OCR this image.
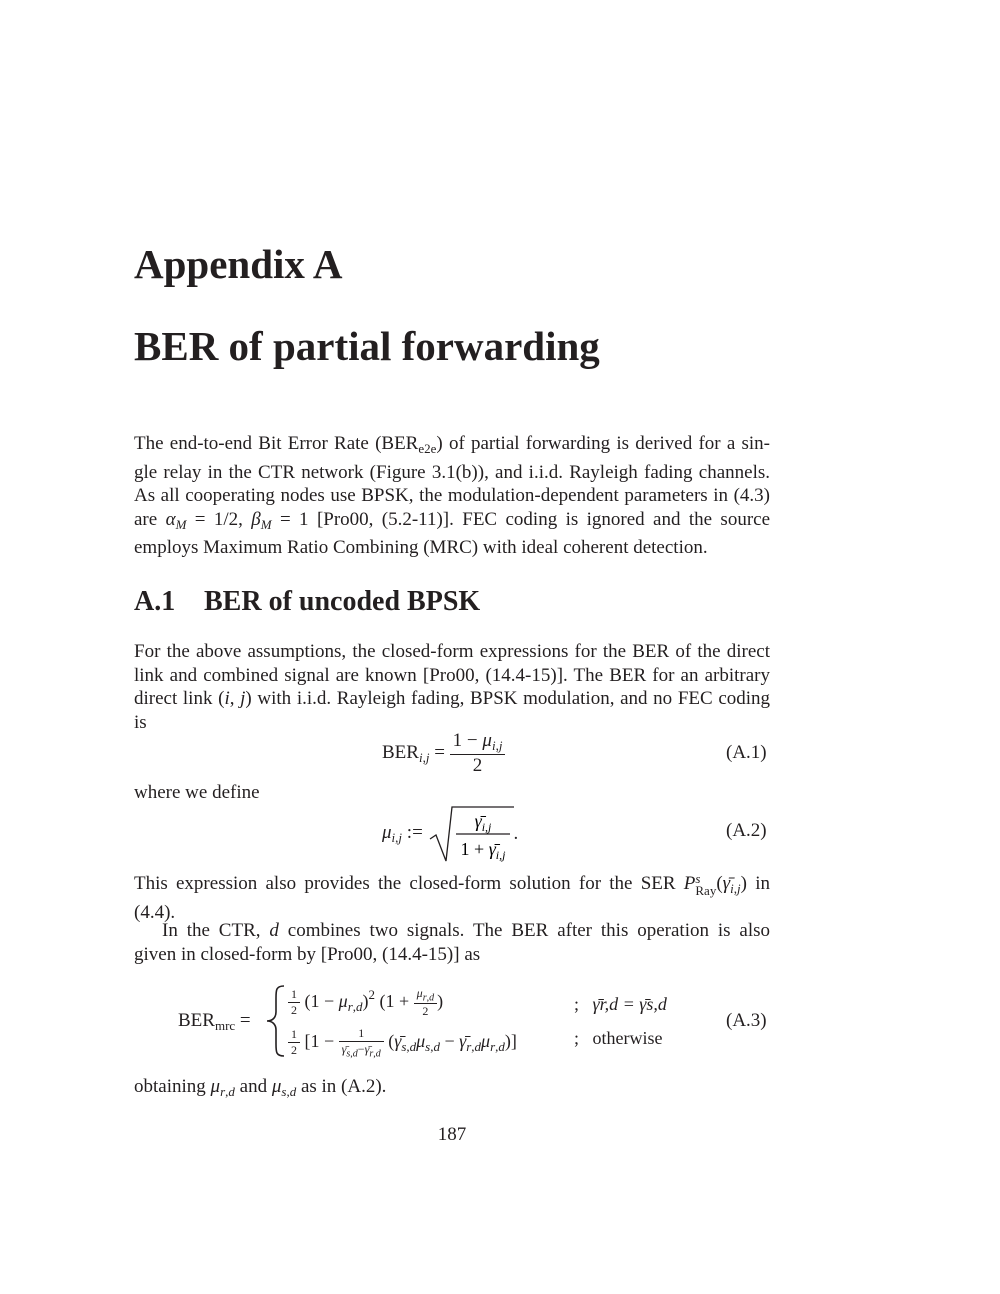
Appendix A
BER of partial forwarding
The end-to-end Bit Error Rate $(BER_{e2e})$ of partial forwarding is derived for a sin-
gle relay in the CTR network (Figure 3.1(b)), and i.i.d. Rayleigh fading channels.
As all cooperating nodes use BPSK, the modulation-dependent parameters in (4.3)
are $\alpha_M = 1/2$, $\beta_M = 1$ [Pro00, (5.2-11)]. FEC coding is ignored and the source
employs Maximum Ratio Combining (MRC) with ideal coherent detection.
A.1 BER of uncoded BPSK
For the above assumptions, the closed-form expressions for the BER of the direct
link and combined signal are known [Pro00, (14.4-15)]. The BER for an arbitrary
direct link (i, j) with i.i.d. Rayleigh fading, BPSK modulation, and no FEC coding
is
$BER_{i,j} = \frac{1 - \mu_{i,j}}{2}$	(A.1)
where we define
$\mu_{i,j}$ :=
$\gammā_{i,j}$
$1 + \gammā_{i,j}$
.	(A.2)
This expression also provides the closed-form solution for the SER Ps
$Ray(\gammā_{i,j})$ in
(4.4).
In the CTR, d combines two signals. The BER after this operation is also
given in closed-form by [Pro00, (14.4-15)] as
$BER_{mrc}$ =
$\frac{1}{2} (1 - \mu_{r,d})^2$ ($1 + \frac{\mu_{r,d}}{2}$ )
$\frac{1}{2} [1 - \frac{1}{\gammā_{s,d}-\gammā_{r,d}}$ ($\gammā_{s,d}\mu_{s,d}$ − $\gammā_{r,d}\mu_{r,d}$)]
;   γ̄r,d = γ̄s,d
;   otherwise
(A.3)
obtaining $\mu_{r,d}$ and $\mu_{s,d}$ as in (A.2).
187
